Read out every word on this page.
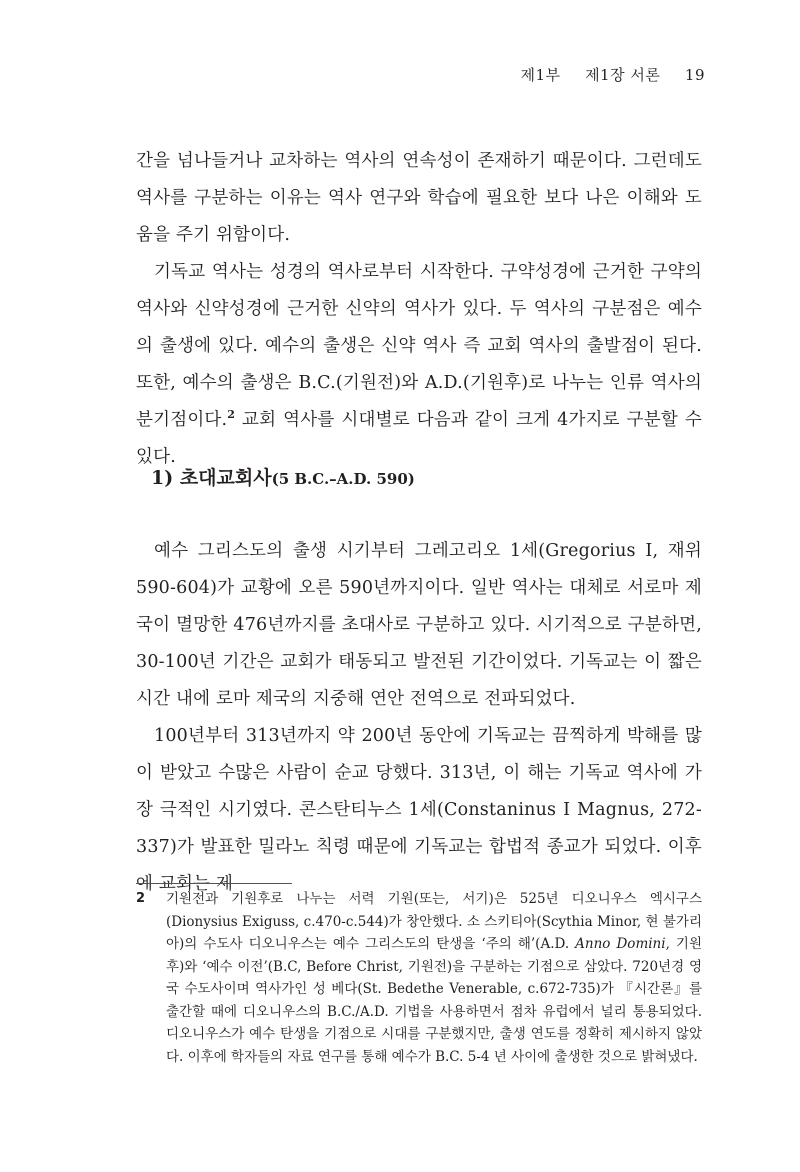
제1부 제1장 서론 19

간을 넘나들거나 교차하는 역사의 연속성이 존재하기 때문이다. 그런데도 역사를 구분하는 이유는 역사 연구와 학습에 필요한 보다 나은 이해와 도움을 주기 위함이다.

기독교 역사는 성경의 역사로부터 시작한다. 구약성경에 근거한 구약의 역사와 신약성경에 근거한 신약의 역사가 있다. 두 역사의 구분점은 예수의 출생에 있다. 예수의 출생은 신약 역사 즉 교회 역사의 출발점이 된다. 또한, 예수의 출생은 B.C.(기원전)와 A.D.(기원후)로 나누는 인류 역사의 분기점이다.$^2$ 교회 역사를 시대별로 다음과 같이 크게 4가지로 구분할 수 있다.

1) 초대교회사(5 B.C.–A.D. 590)

예수 그리스도의 출생 시기부터 그레고리오 1세(Gregorius I, 재위 590-604)가 교황에 오른 590년까지이다. 일반 역사는 대체로 서로마 제국이 멸망한 476년까지를 초대사로 구분하고 있다. 시기적으로 구분하면, 30-100년 기간은 교회가 태동되고 발전된 기간이었다. 기독교는 이 짧은 시간 내에 로마 제국의 지중해 연안 전역으로 전파되었다.

100년부터 313년까지 약 200년 동안에 기독교는 끔찍하게 박해를 많이 받았고 수많은 사람이 순교 당했다. 313년, 이 해는 기독교 역사에 가장 극적인 시기였다. 콘스탄티누스 1세(Constaninus I Magnus, 272-337)가 발표한 밀라노 칙령 때문에 기독교는 합법적 종교가 되었다. 이후에 교회는 제

2 기원전과 기원후로 나누는 서력 기원(또는, 서기)은 525년 디오니우스 엑시구스(Dionysius Exiguss, c.470-c.544)가 창안했다. 소 스키티아(Scythia Minor, 현 불가리아)의 수도사 디오니우스는 예수 그리스도의 탄생을 ‘주의 해’(A.D. Anno Domini, 기원후)와 ‘예수 이전’(B.C, Before Christ, 기원전)을 구분하는 기점으로 삼았다. 720년경 영국 수도사이며 역사가인 성 베다(St. Bedethe Venerable, c.672-735)가 『시간론』를 출간할 때에 디오니우스의 B.C./A.D. 기법을 사용하면서 점차 유럽에서 널리 통용되었다. 디오니우스가 예수 탄생을 기점으로 시대를 구분했지만, 출생 연도를 정확히 제시하지 않았다. 이후에 학자들의 자료 연구를 통해 예수가 B.C. 5-4 년 사이에 출생한 것으로 밝혀냈다.
